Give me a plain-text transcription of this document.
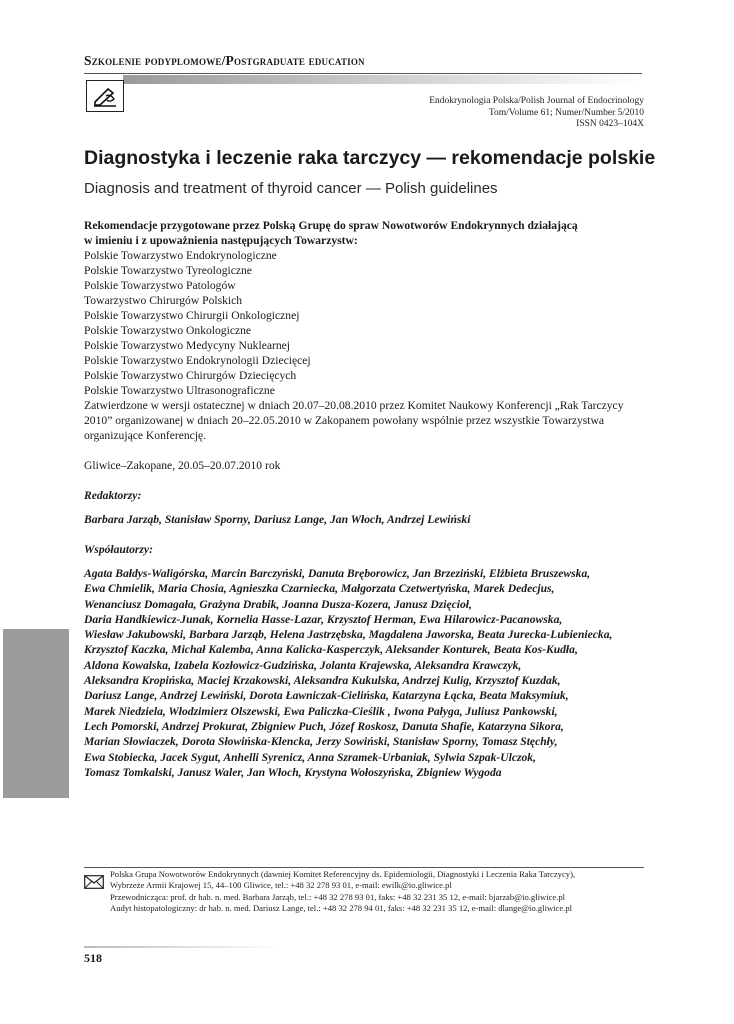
Szkolenie podyplomowe/Postgraduate education
Endokrynologia Polska/Polish Journal of Endocrinology
Tom/Volume 61; Numer/Number 5/2010
ISSN 0423–104X
Diagnostyka i leczenie raka tarczycy — rekomendacje polskie
Diagnosis and treatment of thyroid cancer — Polish guidelines
Rekomendacje przygotowane przez Polską Grupę do spraw Nowotworów Endokrynnych działającą
w imieniu i z upoważnienia następujących Towarzystw:
Polskie Towarzystwo Endokrynologiczne
Polskie Towarzystwo Tyreologiczne
Polskie Towarzystwo Patologów
Towarzystwo Chirurgów Polskich
Polskie Towarzystwo Chirurgii Onkologicznej
Polskie Towarzystwo Onkologiczne
Polskie Towarzystwo Medycyny Nuklearnej
Polskie Towarzystwo Endokrynologii Dziecięcej
Polskie Towarzystwo Chirurgów Dziecięcych
Polskie Towarzystwo Ultrasonograficzne
Zatwierdzone w wersji ostatecznej w dniach 20.07–20.08.2010 przez Komitet Naukowy Konferencji „Rak Tarczycy
2010” organizowanej w dniach 20–22.05.2010 w Zakopanem powołany wspólnie przez wszystkie Towarzystwa
organizujące Konferencję.
Gliwice–Zakopane, 20.05–20.07.2010 rok
Redaktorzy:
Barbara Jarząb, Stanisław Sporny, Dariusz Lange, Jan Włoch, Andrzej Lewiński
Współautorzy:
Agata Bałdys-Waligórska, Marcin Barczyński, Danuta Bręborowicz, Jan Brzeziński, Elżbieta Bruszewska,
Ewa Chmielik, Maria Chosia, Agnieszka Czarniecka, Małgorzata Czetwertyńska, Marek Dedecjus,
Wenanciusz Domagała, Grażyna Drabik, Joanna Dusza-Kozera, Janusz Dzięcioł,
Daria Handkiewicz-Junak, Kornelia Hasse-Lazar, Krzysztof Herman, Ewa Hilarowicz-Pacanowska,
Wiesław Jakubowski, Barbara Jarząb, Helena Jastrzębska, Magdalena Jaworska, Beata Jurecka-Lubieniecka,
Krzysztof Kaczka, Michał Kalemba, Anna Kalicka-Kasperczyk, Aleksander Konturek, Beata Kos-Kudła,
Aldona Kowalska, Izabela Kozłowicz-Gudzińska, Jolanta Krajewska, Aleksandra Krawczyk,
Aleksandra Kropińska, Maciej Krzakowski, Aleksandra Kukulska, Andrzej Kulig, Krzysztof Kuzdak,
Dariusz Lange, Andrzej Lewiński, Dorota Ławniczak-Cielińska, Katarzyna Łącka, Beata Maksymiuk,
Marek Niedziela, Włodzimierz Olszewski, Ewa Paliczka-Cieślik , Iwona Pałyga, Juliusz Pankowski,
Lech Pomorski, Andrzej Prokurat, Zbigniew Puch, Józef Roskosz, Danuta Shafie, Katarzyna Sikora,
Marian Słowiaczek, Dorota Słowińska-Klencka, Jerzy Sowiński, Stanisław Sporny, Tomasz Stęchły,
Ewa Stobiecka, Jacek Sygut, Anhelli Syrenicz, Anna Szramek-Urbaniak, Sylwia Szpak-Ulczok,
Tomasz Tomkalski, Janusz Waler, Jan Włoch, Krystyna Wołoszyńska, Zbigniew Wygoda
Polska Grupa Nowotworów Endokrynnych (dawniej Komitet Referencyjny ds. Epidemiologii, Diagnostyki i Leczenia Raka Tarczycy),
Wybrzeże Armii Krajowej 15, 44–100 Gliwice, tel.: +48 32 278 93 01, e-mail: ewilk@io.gliwice.pl
Przewodnicząca: prof. dr hab. n. med. Barbara Jarząb, tel.: +48 32 278 93 01, faks: +48 32 231 35 12, e-mail: bjarzab@io.gliwice.pl
Audyt histopatologiczny: dr hab. n. med. Dariusz Lange, tel.: +48 32 278 94 01, faks: +48 32 231 35 12, e-mail: dlange@io.gliwice.pl
518
